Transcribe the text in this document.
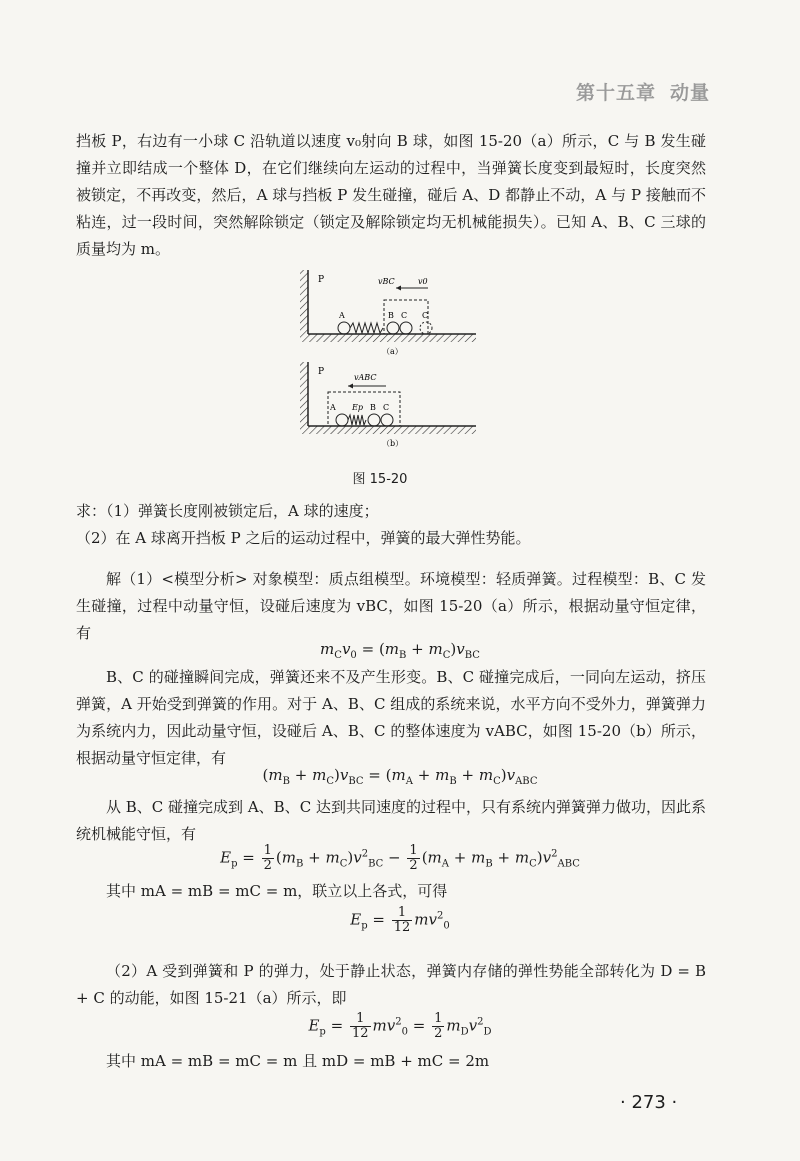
第十五章 动量

挡板 P，右边有一小球 C 沿轨道以速度 v₀射向 B 球，如图 15-20（a）所示，C 与 B 发生碰撞并立即结成一个整体 D，在它们继续向左运动的过程中，当弹簧长度变到最短时，长度突然被锁定，不再改变，然后，A 球与挡板 P 发生碰撞，碰后 A、D 都静止不动，A 与 P 接触而不粘连，过一段时间，突然解除锁定（锁定及解除锁定均无机械能损失）。已知 A、B、C 三球的质量均为 m。

P
A	B C C
vBC	v0
（a）
P
A Ep B C
vABC
（b）
图 15-20

求：（1）弹簧长度刚被锁定后，A 球的速度；

（2）在 A 球离开挡板 P 之后的运动过程中，弹簧的最大弹性势能。

解（1）<模型分析> 对象模型：质点组模型。环境模型：轻质弹簧。过程模型：B、C 发生碰撞，过程中动量守恒，设碰后速度为 vBC，如图 15-20（a）所示，根据动量守恒定律，有

$m_Cv_0 = (m_B + m_C)v_{BC}$

B、C 的碰撞瞬间完成，弹簧还来不及产生形变。B、C 碰撞完成后，一同向左运动，挤压弹簧，A 开始受到弹簧的作用。对于 A、B、C 组成的系统来说，水平方向不受外力，弹簧弹力为系统内力，因此动量守恒，设碰后 A、B、C 的整体速度为 vABC，如图 15-20（b）所示，根据动量守恒定律，有

$(m_B + m_C)v_{BC} = (m_A + m_B + m_C)v_{ABC}$

从 B、C 碰撞完成到 A、B、C 达到共同速度的过程中，只有系统内弹簧弹力做功，因此系统机械能守恒，有

$E_p = \frac{1}{2} (m_B + m_C)v^2_{BC} - \frac{1}{2} (m_A + m_B + m_C)v^2_{ABC}$

其中 mA = mB = mC = m，联立以上各式，可得

$E_p = \frac{1}{12} mv^2_0$

（2）A 受到弹簧和 P 的弹力，处于静止状态，弹簧内存储的弹性势能全部转化为 D = B + C 的动能，如图 15-21（a）所示，即

$E_p = \frac{1}{12} mv^2_0 = \frac{1}{2} m_Dv^2_D$

其中 mA = mB = mC = m 且 mD = mB + mC = 2m

· 273 ·
